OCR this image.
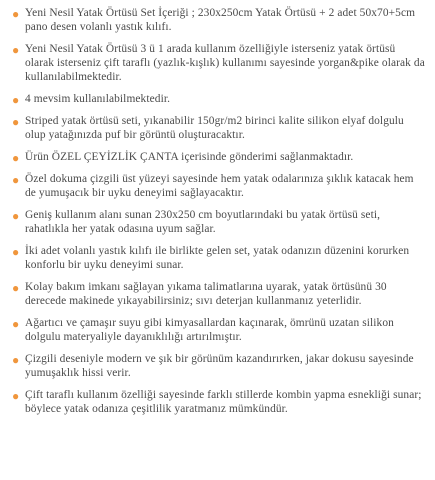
● Yeni Nesil Yatak Örtüsü Set İçeriği ; 230x250cm Yatak Örtüsü + 2 adet 50x70+5cm pano desen volanlı yastık kılıfı.
● Yeni Nesil Yatak Örtüsü 3 ü 1 arada kullanım özelliğiyle isterseniz yatak örtüsü olarak isterseniz çift taraflı (yazlık-kışlık) kullanımı sayesinde yorgan&pike olarak da kullanılabilmektedir.
● 4 mevsim kullanılabilmektedir.
● Striped yatak örtüsü seti, yıkanabilir 150gr/m2 birinci kalite silikon elyaf dolgulu olup yatağınızda puf bir görüntü oluşturacaktır.
● Ürün ÖZEL ÇEYİZLİK ÇANTA içerisinde gönderimi sağlanmaktadır.
● Özel dokuma çizgili üst yüzeyi sayesinde hem yatak odalarınıza şıklık katacak hem de yumuşacık bir uyku deneyimi sağlayacaktır.
● Geniş kullanım alanı sunan 230x250 cm boyutlarındaki bu yatak örtüsü seti, rahatlıkla her yatak odasına uyum sağlar.
● İki adet volanlı yastık kılıfı ile birlikte gelen set, yatak odanızın düzenini korurken konforlu bir uyku deneyimi sunar.
● Kolay bakım imkanı sağlayan yıkama talimatlarına uyarak, yatak örtüsünü 30 derecede makinede yıkayabilirsiniz; sıvı deterjan kullanmanız yeterlidir.
● Ağartıcı ve çamaşır suyu gibi kimyasallardan kaçınarak, ömrünü uzatan silikon dolgulu materyaliyle dayanıklılığı artırılmıştır.
● Çizgili deseniyle modern ve şık bir görünüm kazandırırken, jakar dokusu sayesinde yumuşaklık hissi verir.
● Çift taraflı kullanım özelliği sayesinde farklı stillerde kombin yapma esnekliği sunar; böylece yatak odanıza çeşitlilik yaratmanız mümkündür.
